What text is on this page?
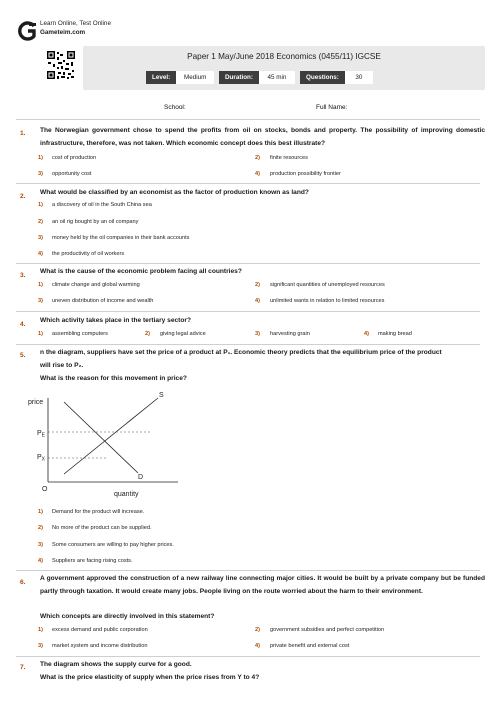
Learn Online, Test Online
Gameteim.com
Paper 1 May/June 2018 Economics (0455/11) IGCSE
Level:	Medium	Duration:	45 min	Questions:	30
School:	Full Name:
1. The Norwegian government chose to spend the profits from oil on stocks, bonds and property. The possibility of improving domestic infrastructure, therefore, was not taken. Which economic concept does this best illustrate?
1) cost of production	2) finite resources
3) opportunity cost	4) production possibility frontier
2.
What would be classified by an economist as the factor of production known as land?
1) a discovery of oil in the South China sea
2) an oil rig bought by an oil company
3) money held by the oil companies in their bank accounts
4) the productivity of oil workers
3.
What is the cause of the economic problem facing all countries?
1) climate change and global warming	2) significant quantities of unemployed resources
3) uneven distribution of income and wealth	4) unlimited wants in relation to limited resources
4.
Which activity takes place in the tertiary sector?
1) assembling computers	2) giving legal advice	3) harvesting grain	4) making bread
5. n the diagram, suppliers have set the price of a product at P₁. Economic theory predicts that the equilibrium price of the product
will rise to P₂.
What is the reason for this movement in price?
price
O
quantity
S
D
$P_E$
$P_X$
1) Demand for the product will increase.
2) No more of the product can be supplied.
3) Some consumers are willing to pay higher prices.
4) Suppliers are facing rising costs.
6.
A government approved the construction of a new railway line connecting major cities. It would be built by a private company but be funded partly through taxation. It would create many jobs. People living on the route worried about the harm to their environment.
Which concepts are directly involved in this statement?
1) excess demand and public corporation	2) government subsidies and perfect competition
3) market system and income distribution	4) private benefit and external cost
7. The diagram shows the supply curve for a good.
What is the price elasticity of supply when the price rises from Y to 4?
